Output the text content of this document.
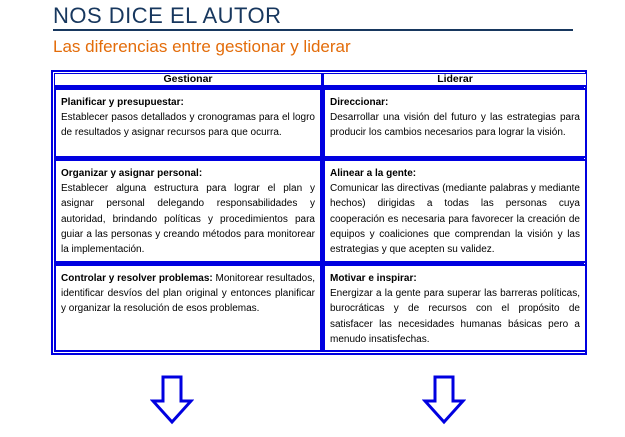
NOS DICE EL AUTOR
Las diferencias entre gestionar y liderar
Gestionar	Liderar
Planificar y presupuestar:
Establecer pasos detallados y cronogramas para el logro de resultados y asignar recursos para que ocurra.
Direccionar:
Desarrollar una visión del futuro y las estrategias para producir los cambios necesarios para lograr la visión.
Organizar y asignar personal:
Establecer alguna estructura para lograr el plan y asignar personal delegando responsabilidades y autoridad, brindando políticas y procedimientos para guiar a las personas y creando métodos para monitorear la implementación.
Alinear a la gente:
Comunicar las directivas (mediante palabras y mediante hechos) dirigidas a todas las personas cuya cooperación es necesaria para favorecer la creación de equipos y coaliciones que comprendan la visión y las estrategias y que acepten su validez.
Controlar y resolver problemas: Monitorear resultados, identificar desvíos del plan original y entonces planificar y organizar la resolución de esos problemas.
Motivar e inspirar:
Energizar a la gente para superar las barreras políticas, burocráticas y de recursos con el propósito de satisfacer las necesidades humanas básicas pero a menudo insatisfechas.
